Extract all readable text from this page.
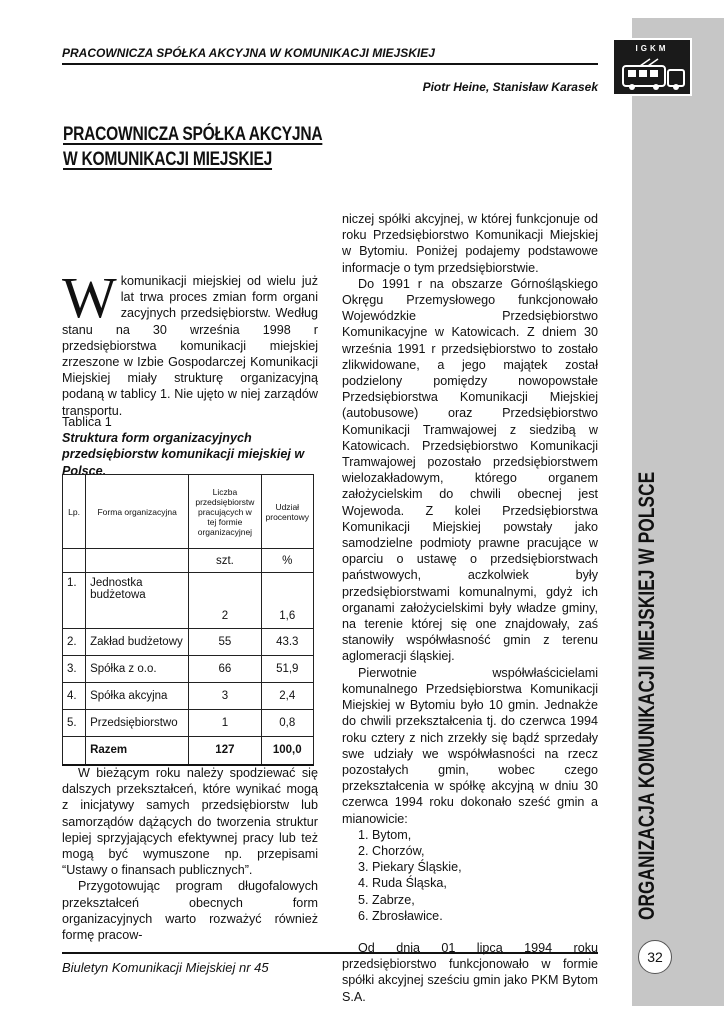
PRACOWNICZA SPÓŁKA AKCYJNA W KOMUNIKACJI MIEJSKIEJ
Piotr Heine, Stanisław Karasek
PRACOWNICZA SPÓŁKA AKCYJNA
W KOMUNIKACJI MIEJSKIEJ
IGKM
ORGANIZACJA KOMUNIKACJI MIEJSKIEJ W POLSCE
32
W komunikacji miejskiej od wielu już lat trwa proces zmian form organi zacyjnych przedsiębiorstw. Według stanu na 30 września 1998 r przedsiębiorstwa komunikacji miejskiej zrzeszone w Izbie Gospodarczej Komunikacji Miejskiej miały strukturę organizacyjną podaną w tablicy 1. Nie ujęto w niej zarządów transportu.
Tablica 1
Struktura form organizacyjnych przedsiębiorstw komunikacji miejskiej w Polsce.
Lp.	Forma organizacyjna	Liczba przedsiębiorstw pracujących w tej formie organizacyjnej	Udział procentowy
		szt.	%
1.	Jednostka budżetowa	2	1,6
2.	Zakład budżetowy	55	43.3
3.	Spółka z o.o.	66	51,9
4.	Spółka akcyjna	3	2,4
5.	Przedsiębiorstwo	1	0,8
	Razem	127	100,0

W bieżącym roku należy spodziewać się dalszych przekształceń, które wynikać mogą z inicjatywy samych przedsiębiorstw lub samorządów dążących do tworzenia struktur lepiej sprzyjających efektywnej pracy lub też mogą być wymuszone np. przepisami “Ustawy o finansach publicznych”.

Przygotowując program długofalowych przekształceń obecnych form organizacyjnych warto rozważyć również formę pracow-

niczej spółki akcyjnej, w której funkcjonuje od roku Przedsiębiorstwo Komunikacji Miejskiej w Bytomiu. Poniżej podajemy podstawowe informacje o tym przedsiębiorstwie.

Do 1991 r na obszarze Górnośląskiego Okręgu Przemysłowego funkcjonowało Wojewódzkie Przedsiębiorstwo Komunikacyjne w Katowicach. Z dniem 30 września 1991 r przedsiębiorstwo to zostało zlikwidowane, a jego majątek został podzielony pomiędzy nowopowstałe Przedsiębiorstwa Komunikacji Miejskiej (autobusowe) oraz Przedsiębiorstwo Komunikacji Tramwajowej z siedzibą w Katowicach. Przedsiębiorstwo Komunikacji Tramwajowej pozostało przedsiębiorstwem wielozakładowym, którego organem założycielskim do chwili obecnej jest Wojewoda. Z kolei Przedsiębiorstwa Komunikacji Miejskiej powstały jako samodzielne podmioty prawne pracujące w oparciu o ustawę o przedsiębiorstwach państwowych, aczkolwiek były przedsiębiorstwami komunalnymi, gdyż ich organami założycielskimi były władze gminy, na terenie której się one znajdowały, zaś stanowiły współwłasność gmin z terenu aglomeracji śląskiej.

Pierwotnie współwłaścicielami komunalnego Przedsiębiorstwa Komunikacji Miejskiej w Bytomiu było 10 gmin. Jednakże do chwili przekształcenia tj. do czerwca 1994 roku cztery z nich zrzekły się bądź sprzedały swe udziały we współwłasności na rzecz pozostałych gmin, wobec czego przekształcenia w spółkę akcyjną w dniu 30 czerwca 1994 roku dokonało sześć gmin a mianowicie:

1. Bytom,
2. Chorzów,
3. Piekary Śląskie,
4. Ruda Śląska,
5. Zabrze,
6. Zbrosławice.

Od dnia 01 lipca 1994 roku przedsiębiorstwo funkcjonowało w formie spółki akcyjnej sześciu gmin jako PKM Bytom S.A.

Biuletyn Komunikacji Miejskiej nr 45
